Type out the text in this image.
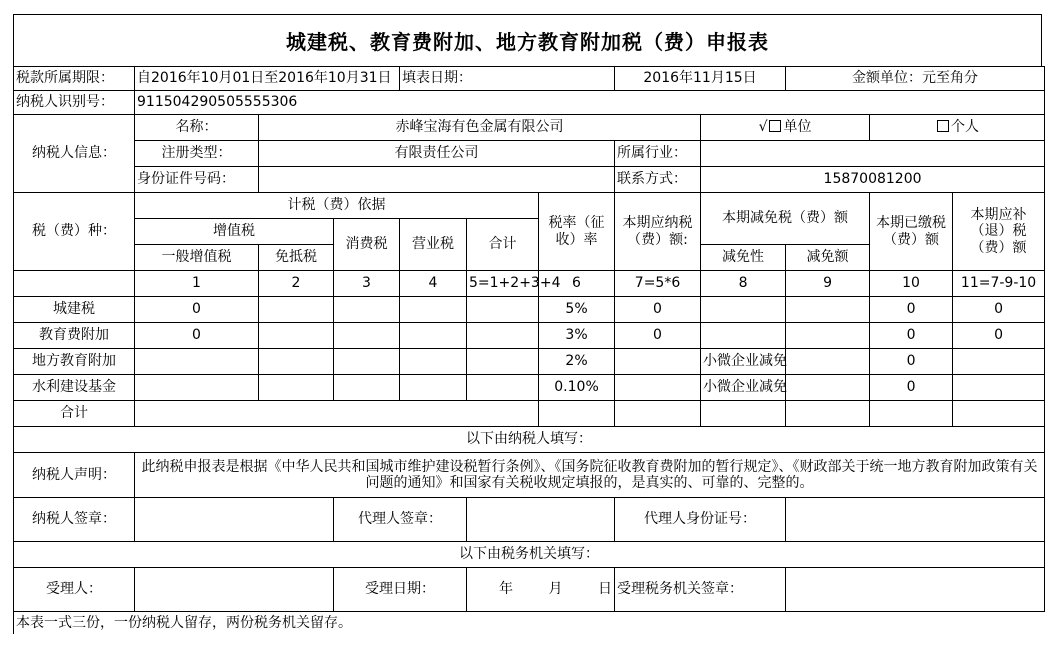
城建税、教育费附加、地方教育附加税（费）申报表
税款所属期限：	自2016年10月01日至2016年10月31日			填表日期：			2016年11月15日		金额单位：元至角分		
纳税人识别号：	911504290505555306										
纳税人信息：	名称：	赤峰宝海有色金属有限公司						√ 单位		个人	
	注册类型：	有限责任公司					所属行业：				
	身份证件号码：						联系方式：	15870081200			
税（费）种：	计税（费）依据					税率（征收）率	本期应纳税（费）额:	本期减免税（费）额		本期已缴税（费）额	本期应补（退）税（费）额
	增值税		消费税	营业税	合计						
	一般增值税	免抵税						减免性	减免额		
	1	2	3	4	5=1+2+3+4	6	7=5*6	8	9	10	11=7-9-10
城建税	0					5%	0			0	0
教育费附加	0					3%	0			0	0
地方教育附加						2%		小微企业减免		0	
水利建设基金						0.10%		小微企业减免		0	
合计											
以下由纳税人填写：											
纳税人声明：	此纳税申报表是根据《中华人民共和国城市维护建设税暂行条例》、《国务院征收教育费附加的暂行规定》、《财政部关于统一地方教育附加政策有关问题的通知》和国家有关税收规定填报的，是真实的、可靠的、完整的。										
纳税人签章：			代理人签章：				代理人身份证号：				
以下由税务机关填写：											
受理人：			受理日期：		年 月 日		受理税务机关签章：				
本表一式三份，一份纳税人留存，两份税务机关留存。											
